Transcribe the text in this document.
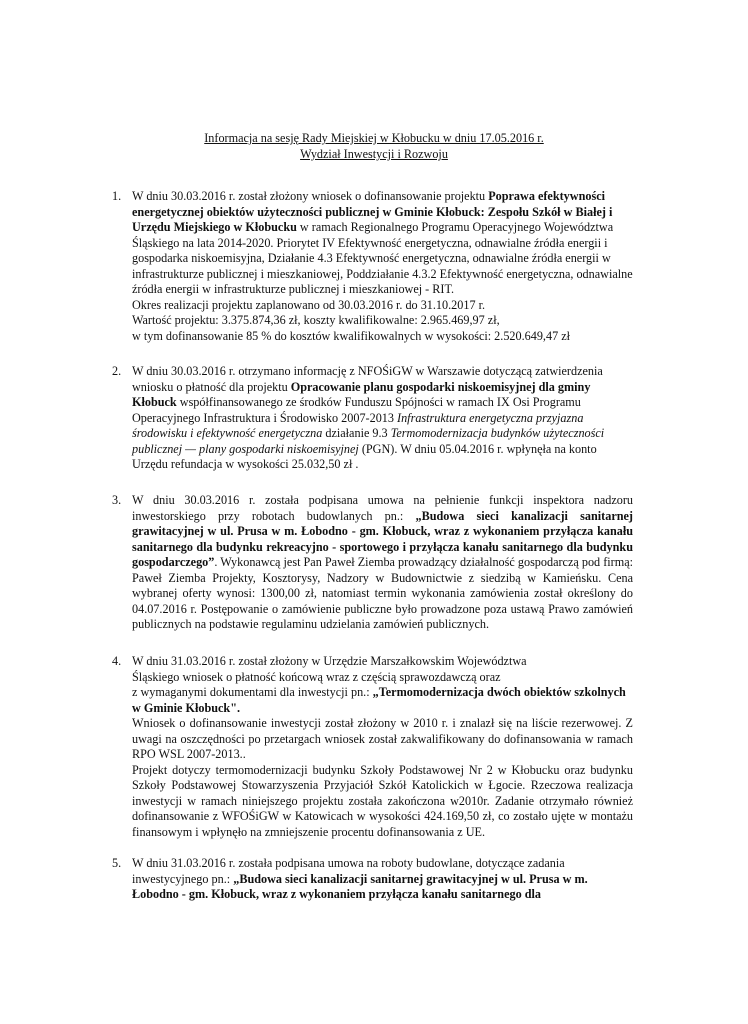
Informacja na sesję Rady Miejskiej w Kłobucku w dniu 17.05.2016 r.
Wydział Inwestycji i Rozwoju
1. W dniu 30.03.2016 r. został złożony wniosek o dofinansowanie projektu Poprawa efektywności energetycznej obiektów użyteczności publicznej w Gminie Kłobuck: Zespołu Szkół w Białej i Urzędu Miejskiego w Kłobucku w ramach Regionalnego Programu Operacyjnego Województwa Śląskiego na lata 2014-2020. Priorytet IV Efektywność energetyczna, odnawialne źródła energii i gospodarka niskoemisyjna, Działanie 4.3 Efektywność energetyczna, odnawialne źródła energii w infrastrukturze publicznej i mieszkaniowej, Poddziałanie 4.3.2 Efektywność energetyczna, odnawialne źródła energii w infrastrukturze publicznej i mieszkaniowej - RIT.
Okres realizacji projektu zaplanowano od 30.03.2016 r. do 31.10.2017 r.
Wartość projektu: 3.375.874,36 zł, koszty kwalifikowalne: 2.965.469,97 zł,
w tym dofinansowanie 85 % do kosztów kwalifikowalnych w wysokości: 2.520.649,47 zł
2. W dniu 30.03.2016 r. otrzymano informację z NFOŚiGW w Warszawie dotyczącą zatwierdzenia wniosku o płatność dla projektu Opracowanie planu gospodarki niskoemisyjnej dla gminy Kłobuck współfinansowanego ze środków Funduszu Spójności w ramach IX Osi Programu Operacyjnego Infrastruktura i Środowisko 2007-2013 Infrastruktura energetyczna przyjazna środowisku i efektywność energetyczna działanie 9.3 Termomodernizacja budynków użyteczności publicznej — plany gospodarki niskoemisyjnej (PGN). W dniu 05.04.2016 r. wpłynęła na konto Urzędu refundacja w wysokości 25.032,50 zł .
3. W dniu 30.03.2016 r. została podpisana umowa na pełnienie funkcji inspektora nadzoru inwestorskiego przy robotach budowlanych pn.: „Budowa sieci kanalizacji sanitarnej grawitacyjnej w ul. Prusa w m. Łobodno - gm. Kłobuck, wraz z wykonaniem przyłącza kanału sanitarnego dla budynku rekreacyjno - sportowego i przyłącza kanału sanitarnego dla budynku gospodarczego”. Wykonawcą jest Pan Paweł Ziemba prowadzący działalność gospodarczą pod firmą: Paweł Ziemba Projekty, Kosztorysy, Nadzory w Budownictwie z siedzibą w Kamieńsku. Cena wybranej oferty wynosi: 1300,00 zł, natomiast termin wykonania zamówienia został określony do 04.07.2016 r. Postępowanie o zamówienie publiczne było prowadzone poza ustawą Prawo zamówień publicznych na podstawie regulaminu udzielania zamówień publicznych.
4. W dniu 31.03.2016 r. został złożony w Urzędzie Marszałkowskim Województwa
Śląskiego wniosek o płatność końcową wraz z częścią sprawozdawczą oraz
z wymaganymi dokumentami dla inwestycji pn.: „Termomodernizacja dwóch obiektów szkolnych w Gminie Kłobuck".
Wniosek o dofinansowanie inwestycji został złożony w 2010 r. i znalazł się na liście rezerwowej. Z uwagi na oszczędności po przetargach wniosek został zakwalifikowany do dofinansowania w ramach RPO WSL 2007-2013..
Projekt dotyczy termomodernizacji budynku Szkoły Podstawowej Nr 2 w Kłobucku oraz budynku Szkoły Podstawowej Stowarzyszenia Przyjaciół Szkół Katolickich w Łgocie. Rzeczowa realizacja inwestycji w ramach niniejszego projektu została zakończona w2010r. Zadanie otrzymało również dofinansowanie z WFOŚiGW w Katowicach w wysokości 424.169,50 zł, co zostało ujęte w montażu finansowym i wpłynęło na zmniejszenie procentu dofinansowania z UE.
5. W dniu 31.03.2016 r. została podpisana umowa na roboty budowlane, dotyczące zadania
inwestycyjnego pn.: „Budowa sieci kanalizacji sanitarnej grawitacyjnej w ul. Prusa w m. Łobodno - gm. Kłobuck, wraz z wykonaniem przyłącza kanału sanitarnego dla
